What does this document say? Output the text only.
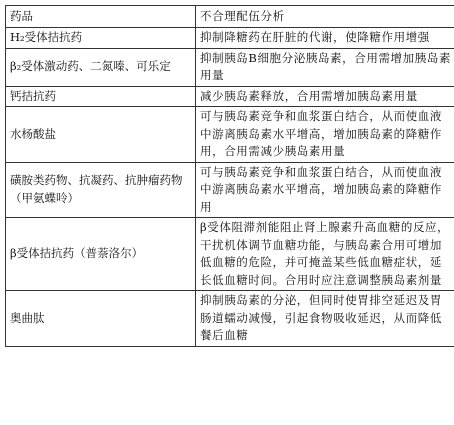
药品	不合理配伍分析
H₂受体拮抗药	抑制降糖药在肝脏的代谢，使降糖作用增强
β₂受体激动药、二氮嗪、可乐定	抑制胰岛B细胞分泌胰岛素，合用需增加胰岛素用量
钙拮抗药	减少胰岛素释放，合用需增加胰岛素用量
水杨酸盐	可与胰岛素竞争和血浆蛋白结合，从而使血液中游离胰岛素水平增高，增加胰岛素的降糖作用，合用需减少胰岛素用量
磺胺类药物、抗凝药、抗肿瘤药物（甲氨蝶呤）	可与胰岛素竞争和血浆蛋白结合，从而使血液中游离胰岛素水平增高，增加胰岛素的降糖作用
β受体拮抗药（普萘洛尔）	β受体阻滞剂能阻止肾上腺素升高血糖的反应，干扰机体调节血糖功能，与胰岛素合用可增加低血糖的危险，并可掩盖某些低血糖症状，延长低血糖时间。合用时应注意调整胰岛素剂量
奥曲肽	抑制胰岛素的分泌，但同时使胃排空延迟及胃肠道蠕动减慢，引起食物吸收延迟，从而降低餐后血糖
